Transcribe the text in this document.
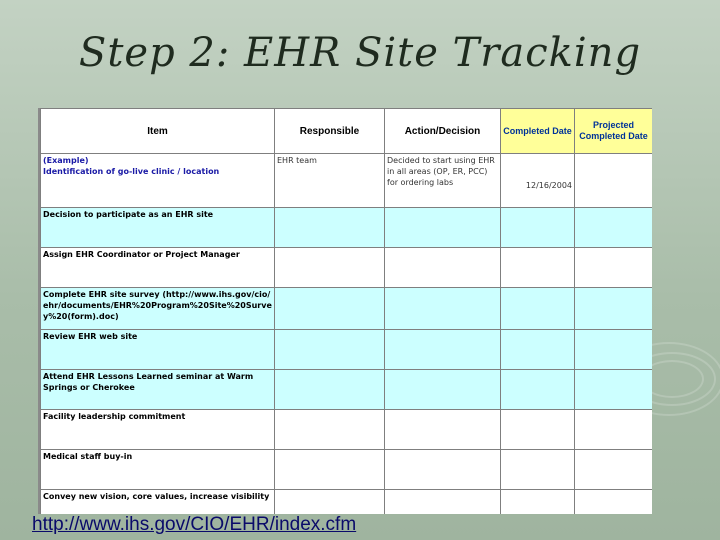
Step 2: EHR Site Tracking
Item	Responsible	Action/Decision	Completed Date	Projected Completed Date

(Example)
Identification of go-live clinic / location	EHR team	Decided to start using EHR in all areas (OP, ER, PCC) for ordering labs	12/16/2004	
Decision to participate as an EHR site				
Assign EHR Coordinator or Project Manager				
Complete EHR site survey (http://www.ihs.gov/cio/ehr/documents/EHR%20Program%20Site%20Survey%20(form).doc)				
Review EHR web site				
Attend EHR Lessons Learned seminar at Warm Springs or Cherokee				
Facility leadership commitment				
Medical staff buy-in				
Convey new vision, core values, increase visibility				
http://www.ihs.gov/CIO/EHR/index.cfm
